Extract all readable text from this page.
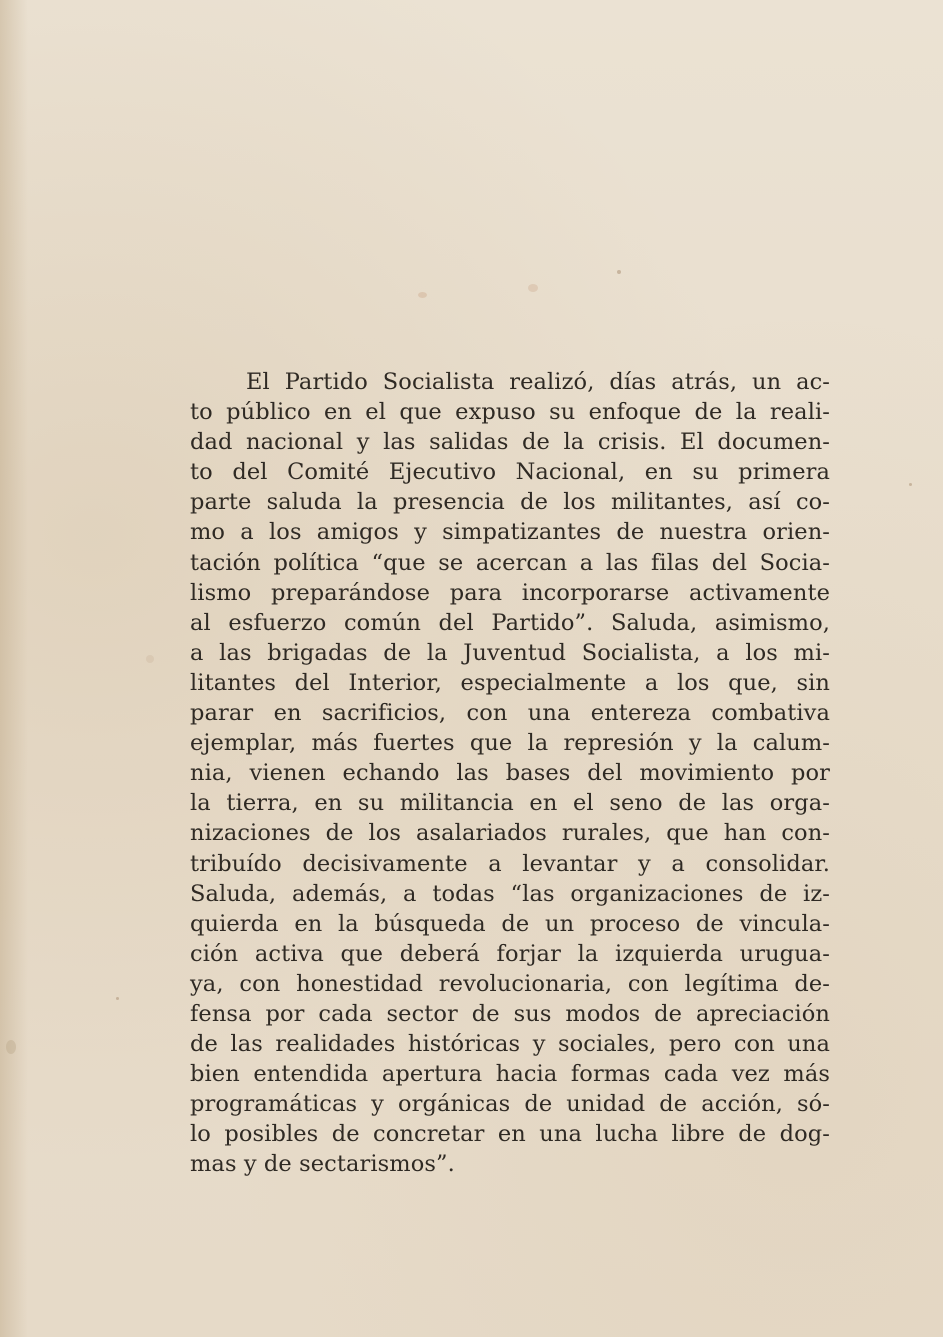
El Partido Socialista realizó, días atrás, un ac-
to público en el que expuso su enfoque de la reali-
dad nacional y las salidas de la crisis. El documen-
to del Comité Ejecutivo Nacional, en su primera
parte saluda la presencia de los militantes, así co-
mo a los amigos y simpatizantes de nuestra orien-
tación política “que se acercan a las filas del Socia-
lismo preparándose para incorporarse activamente
al esfuerzo común del Partido”. Saluda, asimismo,
a las brigadas de la Juventud Socialista, a los mi-
litantes del Interior, especialmente a los que, sin
parar en sacrificios, con una entereza combativa
ejemplar, más fuertes que la represión y la calum-
nia, vienen echando las bases del movimiento por
la tierra, en su militancia en el seno de las orga-
nizaciones de los asalariados rurales, que han con-
tribuído decisivamente a levantar y a consolidar.
Saluda, además, a todas “las organizaciones de iz-
quierda en la búsqueda de un proceso de vincula-
ción activa que deberá forjar la izquierda urugua-
ya, con honestidad revolucionaria, con legítima de-
fensa por cada sector de sus modos de apreciación
de las realidades históricas y sociales, pero con una
bien entendida apertura hacia formas cada vez más
programáticas y orgánicas de unidad de acción, só-
lo posibles de concretar en una lucha libre de dog-
mas y de sectarismos”.
